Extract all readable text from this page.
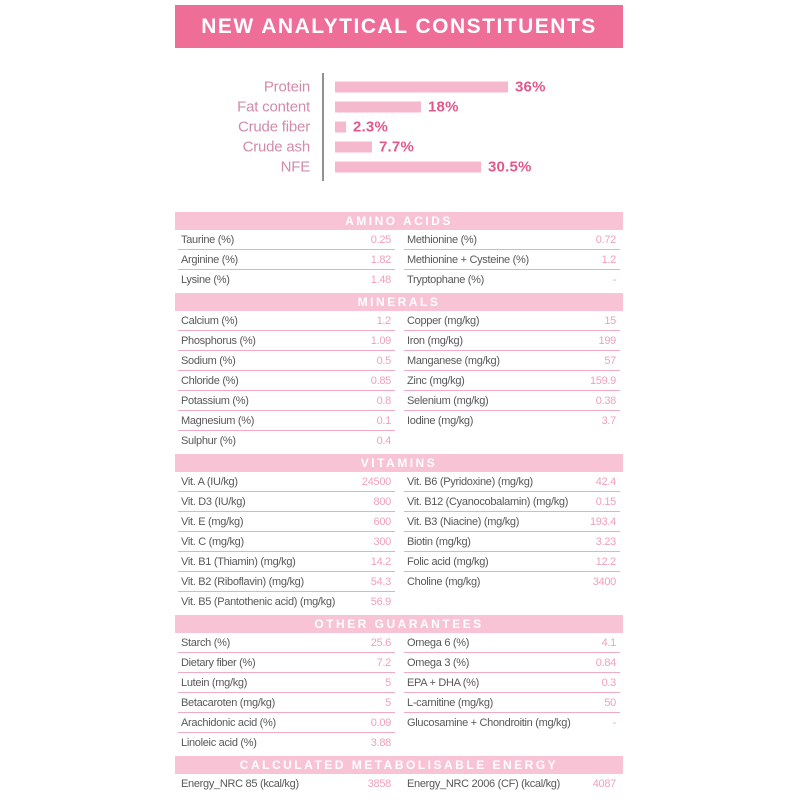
NEW ANALYTICAL CONSTITUENTS
Protein	36%
Fat content	18%
Crude fiber	2.3%
Crude ash	7.7%
NFE	30.5%
AMINO ACIDS
Taurine (%)	0.25
Arginine (%)	1.82
Lysine (%)	1.48
Methionine (%)	0.72
Methionine + Cysteine (%)	1.2
Tryptophane (%)	-
MINERALS
Calcium (%)	1.2
Phosphorus (%)	1.09
Sodium (%)	0.5
Chloride (%)	0.85
Potassium (%)	0.8
Magnesium (%)	0.1
Sulphur (%)	0.4
Copper (mg/kg)	15
Iron (mg/kg)	199
Manganese (mg/kg)	57
Zinc (mg/kg)	159.9
Selenium (mg/kg)	0.38
Iodine (mg/kg)	3.7
VITAMINS
Vit. A (IU/kg)	24500
Vit. D3 (IU/kg)	800
Vit. E (mg/kg)	600
Vit. C (mg/kg)	300
Vit. B1 (Thiamin) (mg/kg)	14.2
Vit. B2 (Riboflavin) (mg/kg)	54.3
Vit. B5 (Pantothenic acid) (mg/kg)	56.9
Vit. B6 (Pyridoxine) (mg/kg)	42.4
Vit. B12 (Cyanocobalamin) (mg/kg)	0.15
Vit. B3 (Niacine) (mg/kg)	193.4
Biotin (mg/kg)	3.23
Folic acid (mg/kg)	12.2
Choline (mg/kg)	3400
OTHER GUARANTEES
Starch (%)	25.6
Dietary fiber (%)	7.2
Lutein (mg/kg)	5
Betacaroten (mg/kg)	5
Arachidonic acid (%)	0.09
Linoleic acid (%)	3.88
Omega 6 (%)	4.1
Omega 3 (%)	0.84
EPA + DHA (%)	0.3
L-carnitine (mg/kg)	50
Glucosamine + Chondroitin (mg/kg)	-
CALCULATED METABOLISABLE ENERGY
Energy_NRC 85 (kcal/kg)	3858	Energy_NRC 2006 (CF) (kcal/kg)	4087
